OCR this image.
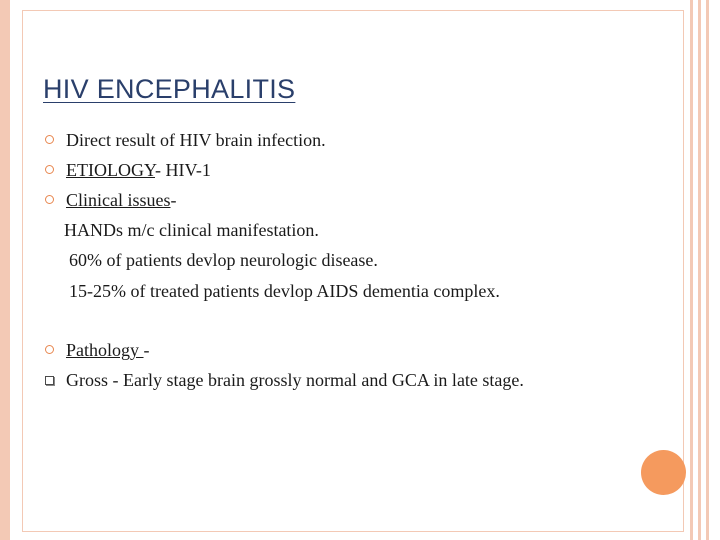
HIV ENCEPHALITIS
Direct result of HIV brain infection.
ETIOLOGY- HIV-1
Clinical issues-
HANDs m/c clinical manifestation.
60% of patients devlop neurologic disease.
15-25% of treated patients devlop AIDS dementia complex.
Pathology -
Gross - Early stage brain grossly normal and GCA in late stage.
